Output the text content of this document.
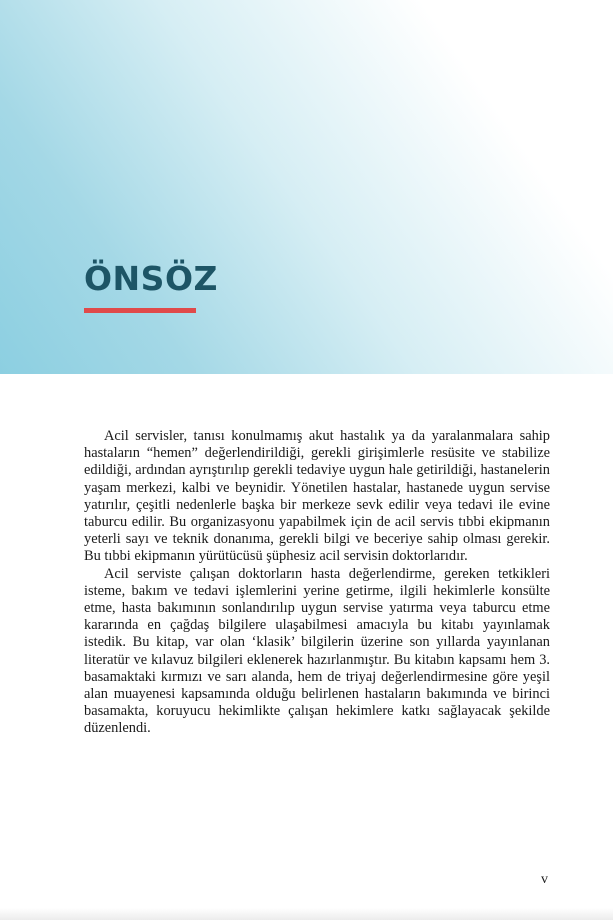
ÖNSÖZ

Acil servisler, tanısı konulmamış akut hastalık ya da yaralanmalara sahip hastaların “hemen” değerlendirildiği, gerekli girişimlerle resüsite ve stabilize edildiği, ardından ayrıştırılıp gerekli tedaviye uygun hale getirildiği, hastanelerin yaşam merkezi, kalbi ve beynidir. Yönetilen hastalar, hastanede uygun servise yatırılır, çeşitli nedenlerle başka bir merkeze sevk edilir veya tedavi ile evine taburcu edilir. Bu organizasyonu yapabilmek için de acil servis tıbbi ekipmanın yeterli sayı ve teknik donanıma, gerekli bilgi ve beceriye sahip olması gerekir. Bu tıbbi ekipmanın yürütücüsü şüphesiz acil servisin doktorlarıdır.

Acil serviste çalışan doktorların hasta değerlendirme, gereken tetkikleri isteme, bakım ve tedavi işlemlerini yerine getirme, ilgili hekimlerle konsülte etme, hasta bakımının sonlandırılıp uygun servise yatırma veya taburcu etme kararında en çağdaş bilgilere ulaşabilmesi amacıyla bu kitabı yayınlamak istedik. Bu kitap, var olan ‘klasik’ bilgilerin üzerine son yıllarda yayınlanan literatür ve kılavuz bilgileri eklenerek hazırlanmıştır. Bu kitabın kapsamı hem 3. basamaktaki kırmızı ve sarı alanda, hem de triyaj değerlendirmesine göre yeşil alan muayenesi kapsamında olduğu belirlenen hastaların bakımında ve birinci basamakta, koruyucu hekimlikte çalışan hekimlere katkı sağlayacak şekilde düzenlendi.

v
